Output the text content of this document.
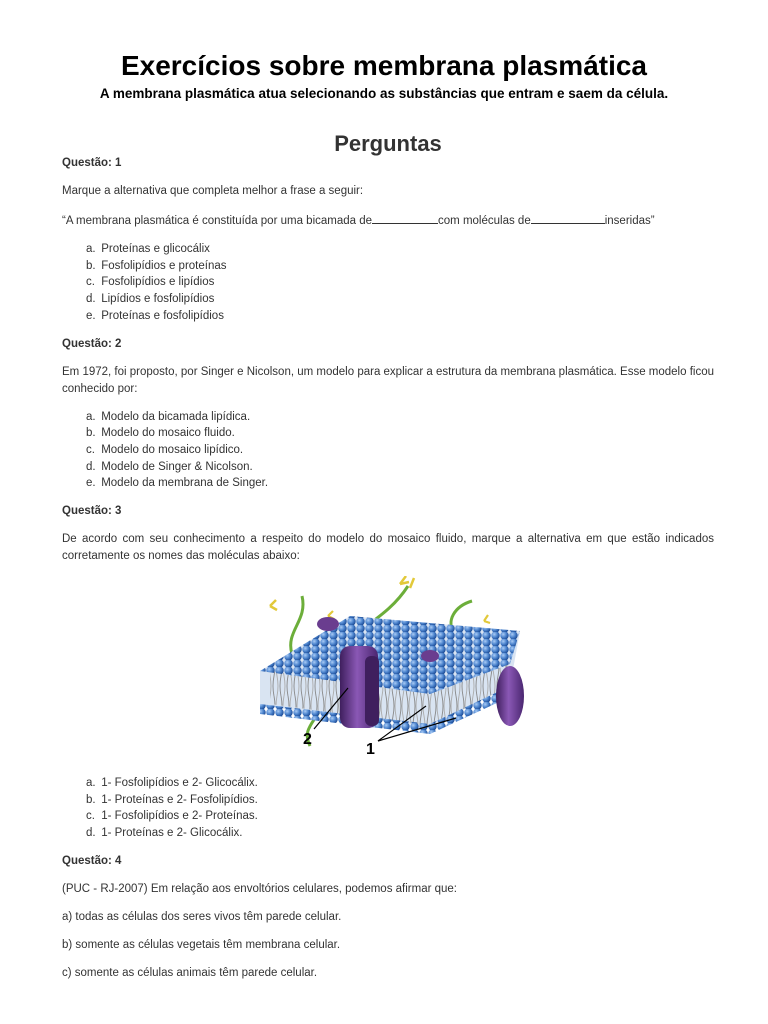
Exercícios sobre membrana plasmática

A membrana plasmática atua selecionando as substâncias que entram e saem da célula.

Perguntas

Questão: 1

Marque a alternativa que completa melhor a frase a seguir:

“A membrana plasmática é constituída por uma bicamada de	com moléculas de	inseridas”

a. Proteínas e glicocálix
b. Fosfolipídios e proteínas
c. Fosfolipídios e lipídios
d. Lipídios e fosfolipídios
e. Proteínas e fosfolipídios

Questão: 2

Em 1972, foi proposto, por Singer e Nicolson, um modelo para explicar a estrutura da membrana plasmática. Esse modelo ficou conhecido por:

a. Modelo da bicamada lipídica.
b. Modelo do mosaico fluido.
c. Modelo do mosaico lipídico.
d. Modelo de Singer & Nicolson.
e. Modelo da membrana de Singer.

Questão: 3

De acordo com seu conhecimento a respeito do modelo do mosaico fluido, marque a alternativa em que estão indicados corretamente os nomes das moléculas abaixo:

2
1
a. 1- Fosfolipídios e 2- Glicocálix.
b. 1- Proteínas e 2- Fosfolipídios.
c. 1- Fosfolipídios e 2- Proteínas.
d. 1- Proteínas e 2- Glicocálix.

Questão: 4

(PUC - RJ-2007) Em relação aos envoltórios celulares, podemos afirmar que:

a) todas as células dos seres vivos têm parede celular.

b) somente as células vegetais têm membrana celular.

c) somente as células animais têm parede celular.
